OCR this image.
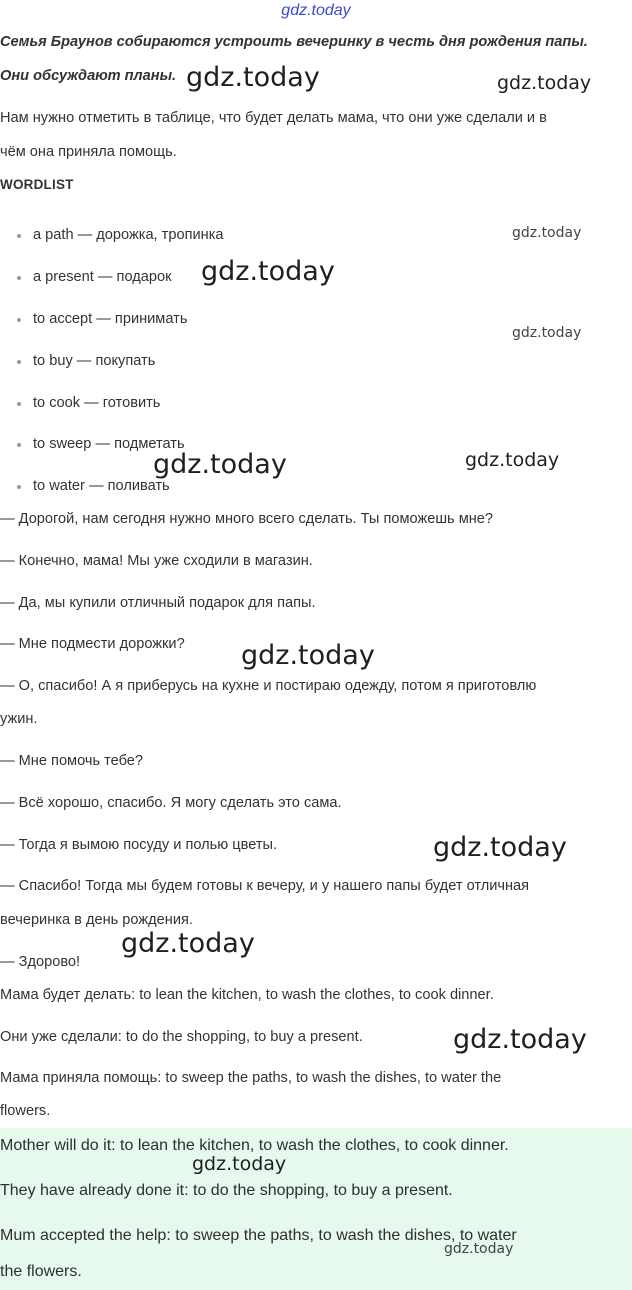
gdz.today
Семья Браунов собираются устроить вечеринку в честь дня рождения папы.
Они обсуждают планы.
Нам нужно отметить в таблице, что будет делать мама, что они уже сделали и в
чём она приняла помощь.
WORDLIST
a path — дорожка, тропинка
a present — подарок
to accept — принимать
to buy — покупать
to cook — готовить
to sweep — подметать
to water — поливать
— Дорогой, нам сегодня нужно много всего сделать. Ты поможешь мне?
— Конечно, мама! Мы уже сходили в магазин.
— Да, мы купили отличный подарок для папы.
— Мне подмести дорожки?
— О, спасибо! А я приберусь на кухне и постираю одежду, потом я приготовлю
ужин.
— Мне помочь тебе?
— Всё хорошо, спасибо. Я могу сделать это сама.
— Тогда я вымою посуду и полью цветы.
— Спасибо! Тогда мы будем готовы к вечеру, и у нашего папы будет отличная
вечеринка в день рождения.
— Здорово!
Мама будет делать: to lean the kitchen, to wash the clothes, to cook dinner.
Они уже сделали: to do the shopping, to buy a present.
Мама приняла помощь: to sweep the paths, to wash the dishes, to water the
flowers.
Mother will do it: to lean the kitchen, to wash the clothes, to cook dinner.
They have already done it: to do the shopping, to buy a present.
Mum accepted the help: to sweep the paths, to wash the dishes, to water
the flowers.
gdz.today	gdz.today
gdz.today
gdz.today
gdz.today
gdz.today	gdz.today
gdz.today
gdz.today
gdz.today
gdz.today
gdz.today
gdz.today
